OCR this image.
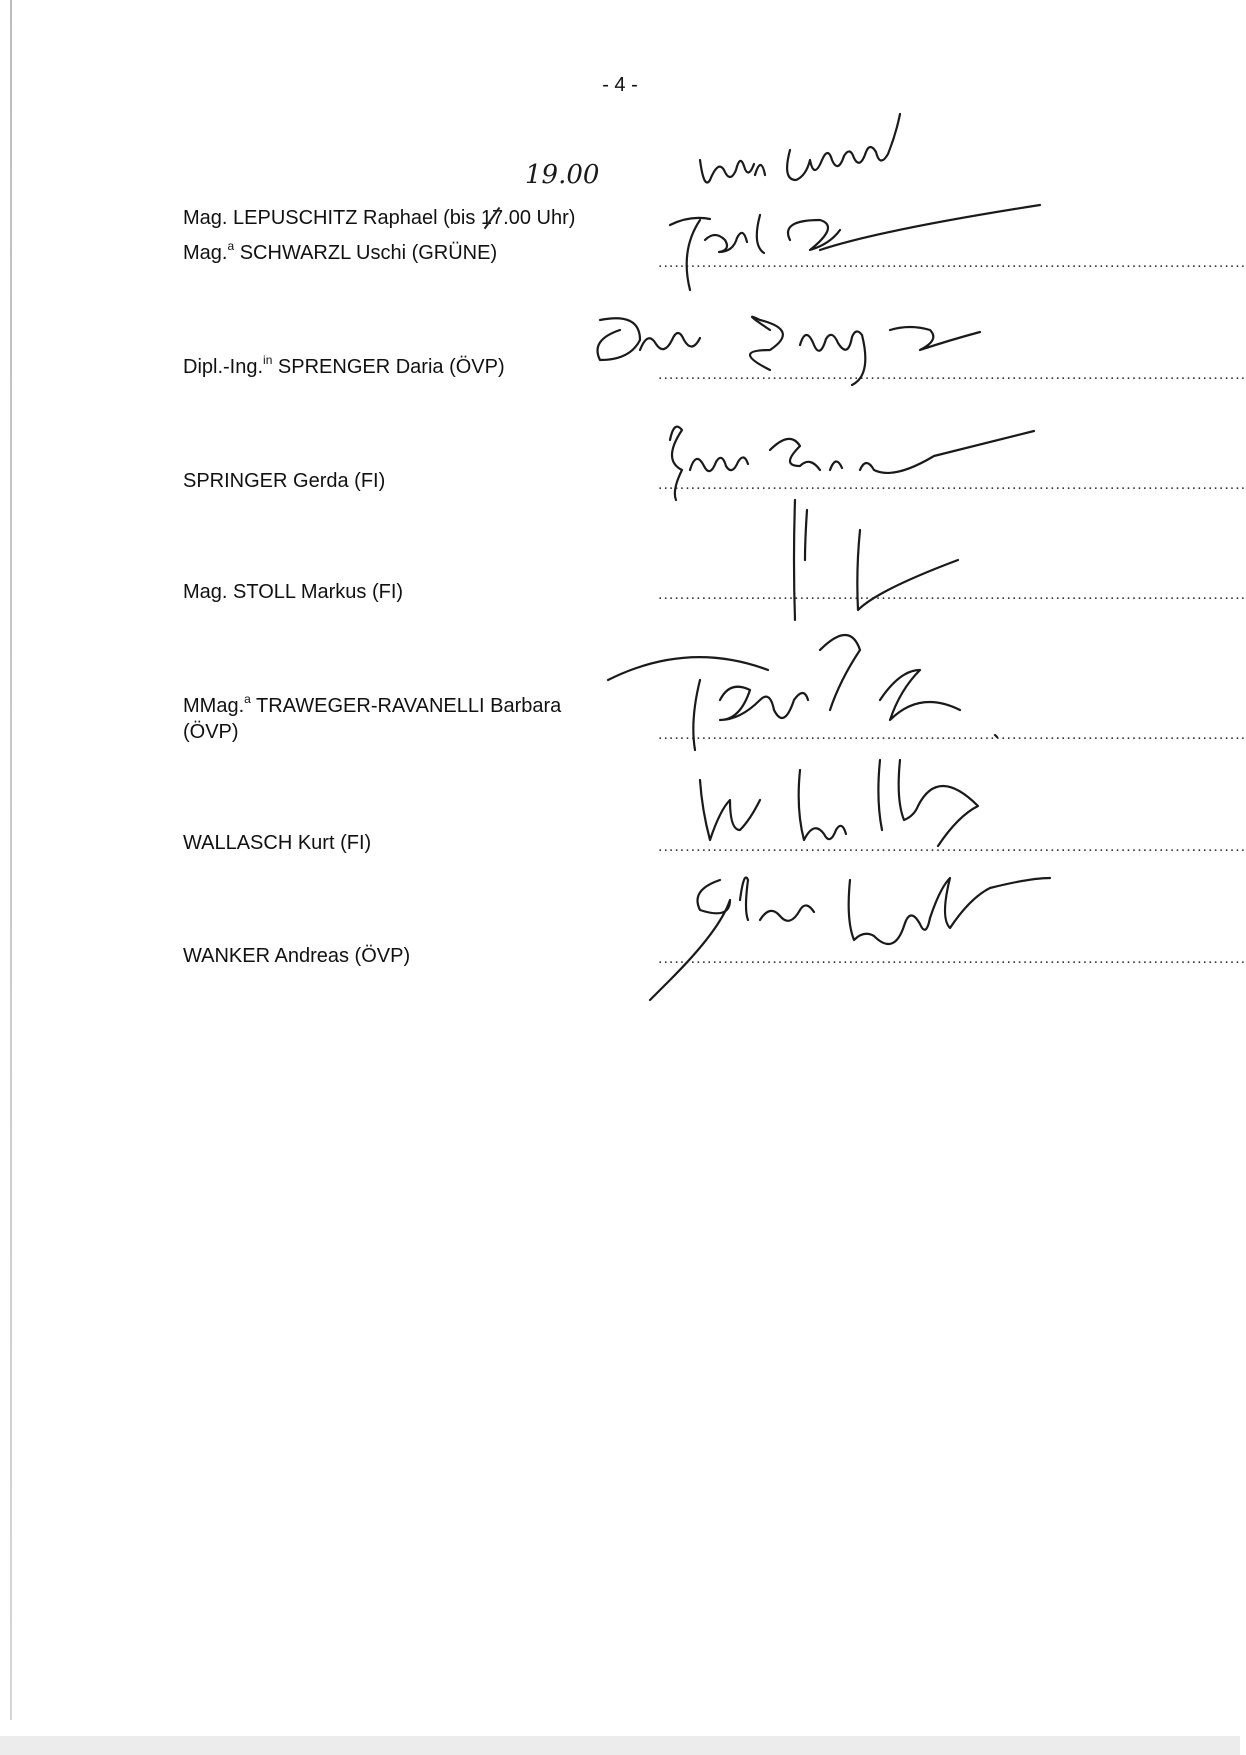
- 4 -
19.00
Mag. LEPUSCHITZ Raphael (bis 17.00 Uhr)
Mag.$^a$ SCHWARZL Uschi (GRÜNE)	............................................................................................................
Dipl.-Ing.$^{in}$ SPRENGER Daria (ÖVP)	............................................................................................................
SPRINGER Gerda (FI)	............................................................................................................
Mag. STOLL Markus (FI)	............................................................................................................
MMag.$^a$ TRAWEGER-RAVANELLI Barbara
(ÖVP)	............................................................................................................
WALLASCH Kurt (FI)	............................................................................................................
WANKER Andreas (ÖVP)	............................................................................................................
